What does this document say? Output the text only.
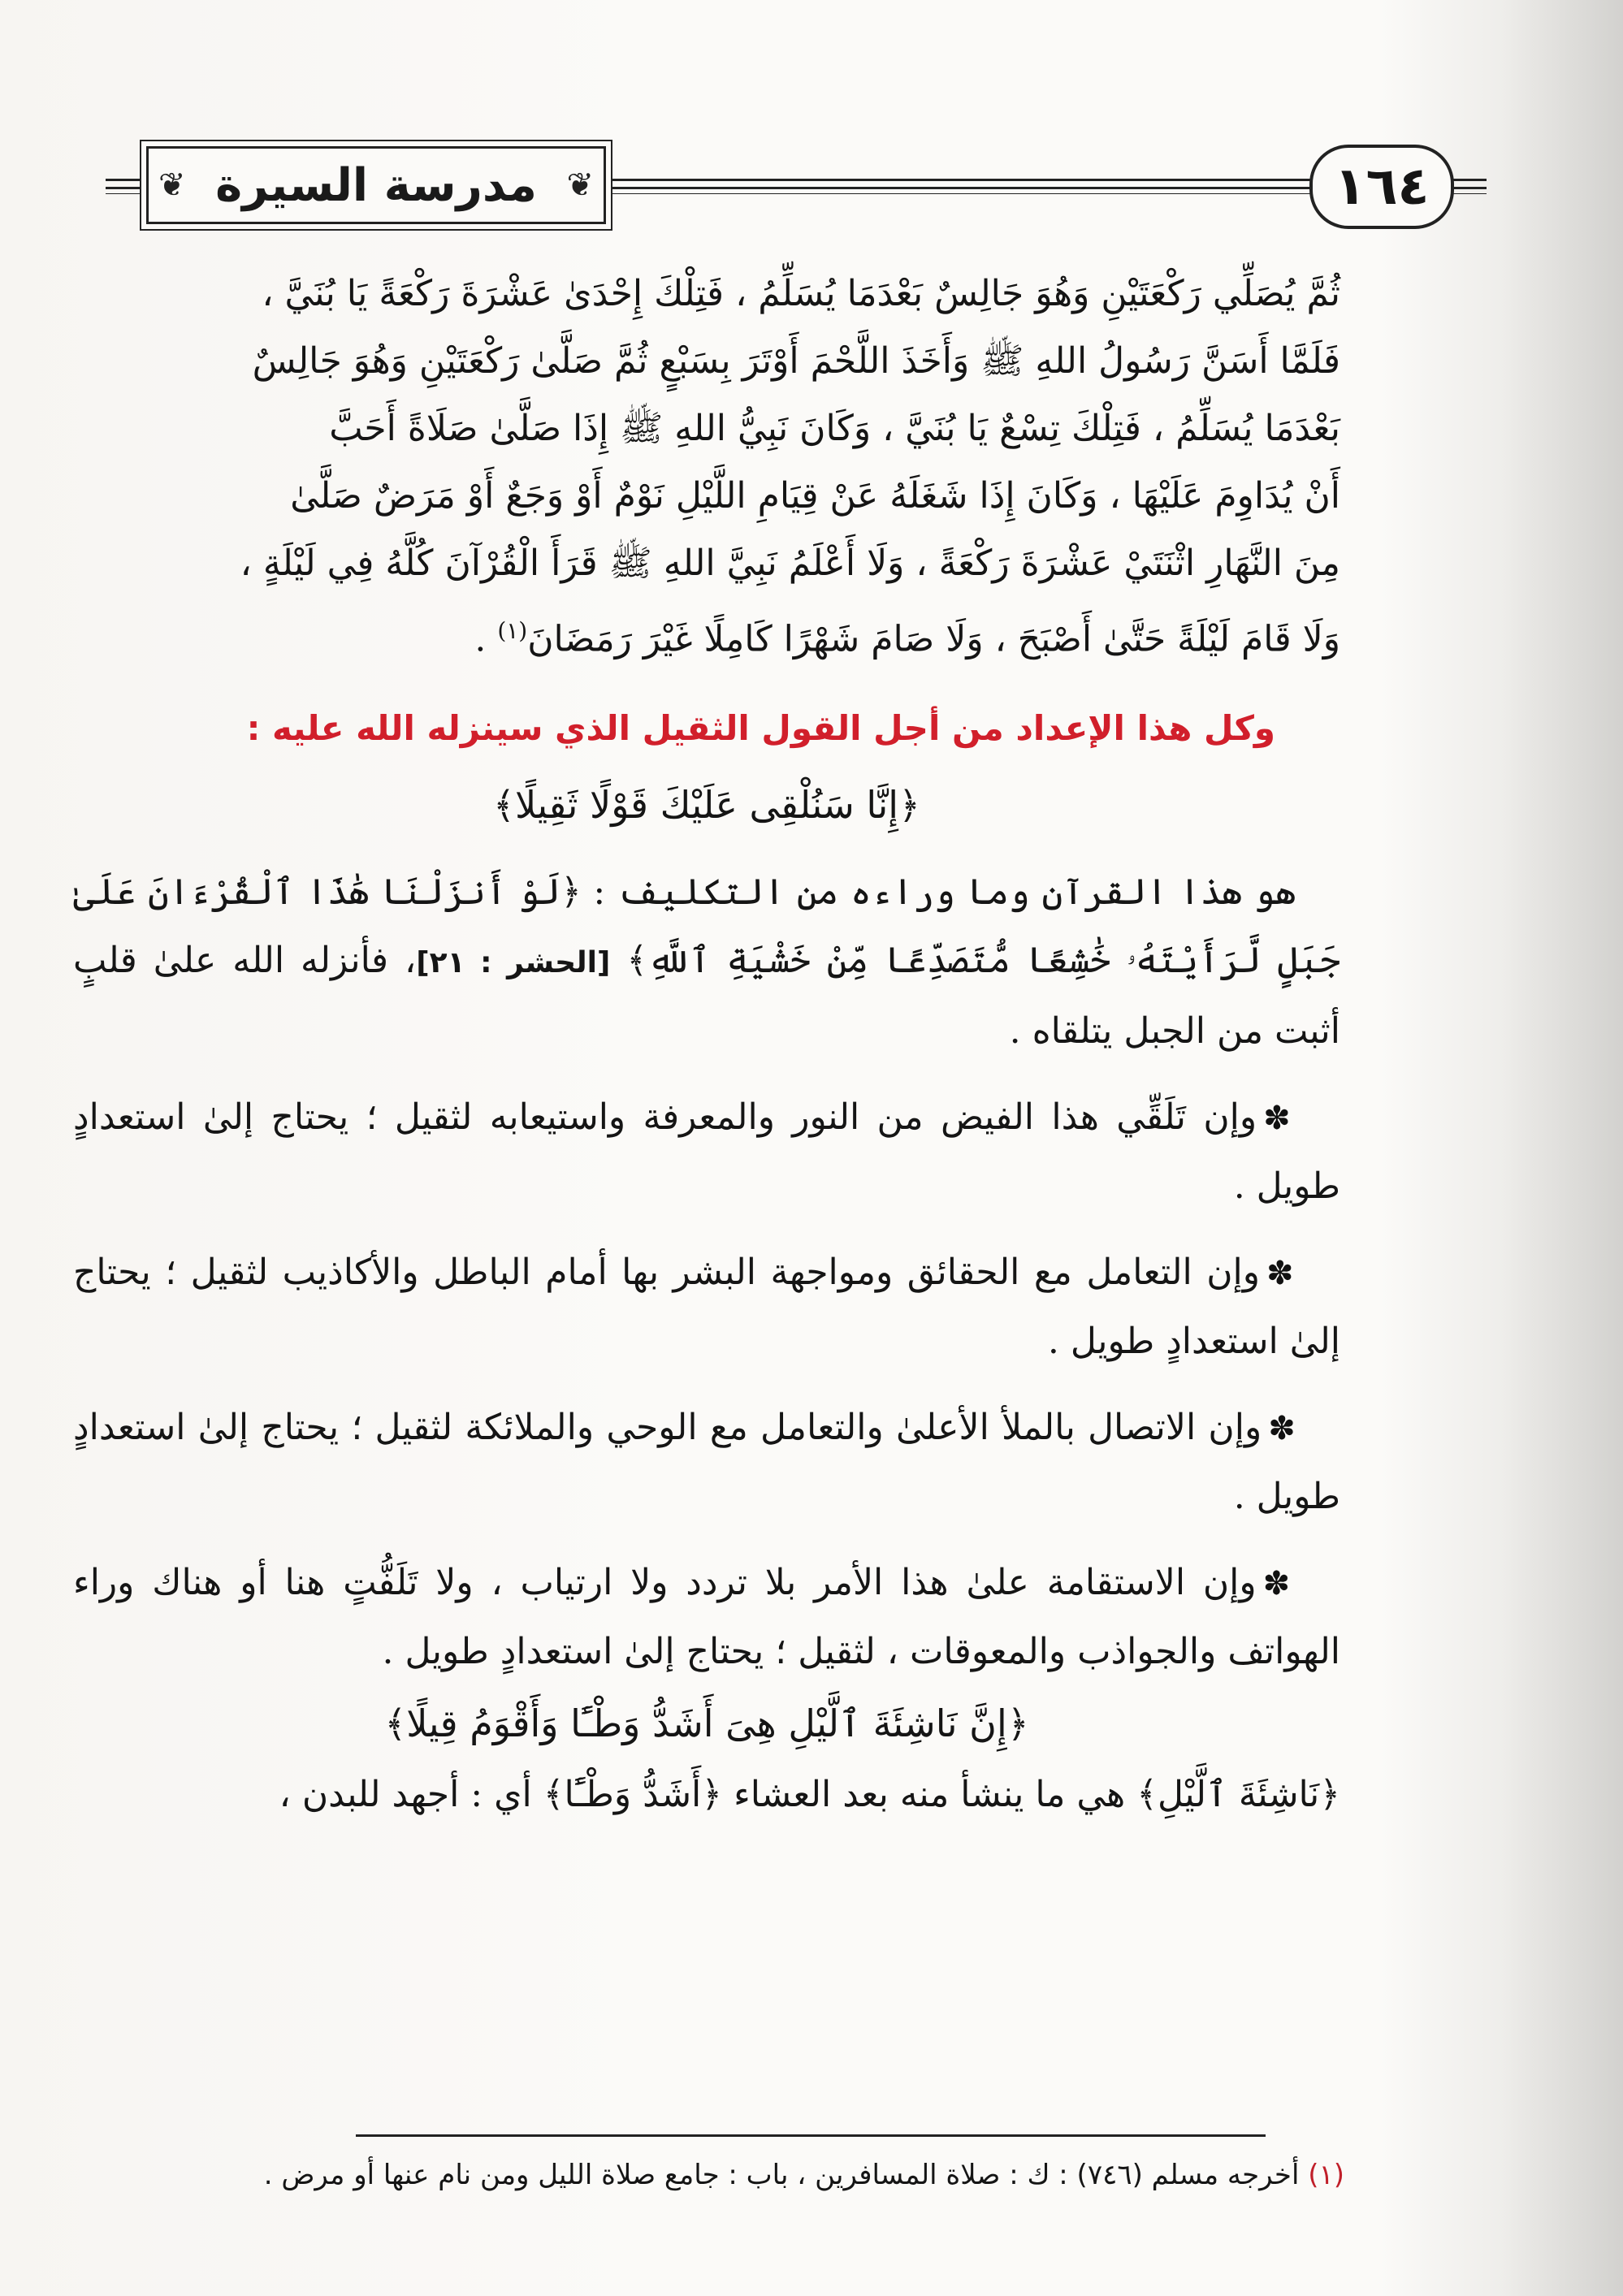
❦ مدرسة السيرة ❦	١٦٤

ثُمَّ يُصَلِّي رَكْعَتَيْنِ وَهُوَ جَالِسٌ بَعْدَمَا يُسَلِّمُ ، فَتِلْكَ إِحْدَىٰ عَشْرَةَ رَكْعَةً يَا بُنَيَّ ،

فَلَمَّا أَسَنَّ رَسُولُ اللهِ ﷺ وَأَخَذَ اللَّحْمَ أَوْتَرَ بِسَبْعٍ ثُمَّ صَلَّىٰ رَكْعَتَيْنِ وَهُوَ جَالِسٌ

بَعْدَمَا يُسَلِّمُ ، فَتِلْكَ تِسْعٌ يَا بُنَيَّ ، وَكَانَ نَبِيُّ اللهِ ﷺ إِذَا صَلَّىٰ صَلَاةً أَحَبَّ

أَنْ يُدَاوِمَ عَلَيْهَا ، وَكَانَ إِذَا شَغَلَهُ عَنْ قِيَامِ اللَّيْلِ نَوْمٌ أَوْ وَجَعٌ أَوْ مَرَضٌ صَلَّىٰ

مِنَ النَّهَارِ اثْنَتَيْ عَشْرَةَ رَكْعَةً ، وَلَا أَعْلَمُ نَبِيَّ اللهِ ﷺ قَرَأَ الْقُرْآنَ كُلَّهُ فِي لَيْلَةٍ ،

وَلَا قَامَ لَيْلَةً حَتَّىٰ أَصْبَحَ ، وَلَا صَامَ شَهْرًا كَامِلًا غَيْرَ رَمَضَانَ$^{(١)}$ .

وكل هذا الإعداد من أجل القول الثقيل الذي سينزله الله عليه :
﴿إِنَّا سَنُلْقِى عَلَيْكَ قَوْلًا ثَقِيلًا﴾

هو هذا القرآن وما وراءه من التكليف : ﴿لَوْ أَنزَلْنَا هَٰذَا ٱلْقُرْءَانَ عَلَىٰ جَبَلٍ لَّرَأَيْتَهُۥ خَٰشِعًا مُّتَصَدِّعًا مِّنْ خَشْيَةِ ٱللَّهِ﴾ [الحشر : ٢١]، فأنزله الله علىٰ قلبٍ أثبت من الجبل يتلقاه .

✽وإن تَلَقِّي هذا الفيض من النور والمعرفة واستيعابه لثقيل ؛ يحتاج إلىٰ استعدادٍ طويل .

✽وإن التعامل مع الحقائق ومواجهة البشر بها أمام الباطل والأكاذيب لثقيل ؛ يحتاج إلىٰ استعدادٍ طويل .

✽وإن الاتصال بالملأ الأعلىٰ والتعامل مع الوحي والملائكة لثقيل ؛ يحتاج إلىٰ استعدادٍ طويل .

✽وإن الاستقامة علىٰ هذا الأمر بلا تردد ولا ارتياب ، ولا تَلَفُّتٍ هنا أو هناك وراء الهواتف والجواذب والمعوقات ، لثقيل ؛ يحتاج إلىٰ استعدادٍ طويل .

﴿إِنَّ نَاشِئَةَ ٱلَّيْلِ هِىَ أَشَدُّ وَطْـًٔا وَأَقْوَمُ قِيلًا﴾

﴿نَاشِئَةَ ٱلَّيْلِ﴾ هي ما ينشأ منه بعد العشاء ﴿أَشَدُّ وَطْـًٔا﴾ أي : أجهد للبدن ،

(١) أخرجه مسلم (٧٤٦) : ك : صلاة المسافرين ، باب : جامع صلاة الليل ومن نام عنها أو مرض .
